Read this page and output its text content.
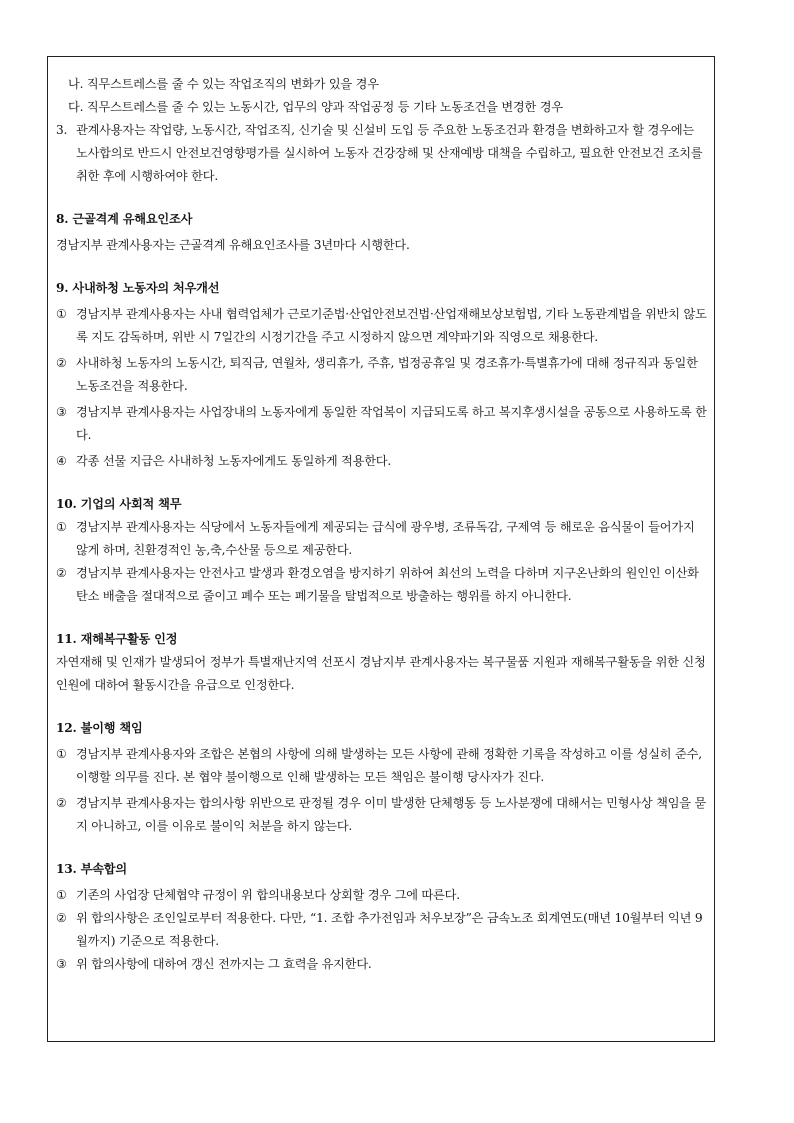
나. 직무스트레스를 줄 수 있는 작업조직의 변화가 있을 경우
다. 직무스트레스를 줄 수 있는 노동시간, 업무의 양과 작업공정 등 기타 노동조건을 변경한 경우
3. 관계사용자는 작업량, 노동시간, 작업조직, 신기술 및 신설비 도입 등 주요한 노동조건과 환경을 변화하고자 할 경우에는 노사합의로 반드시 안전보건영향평가를 실시하여 노동자 건강장해 및 산재예방 대책을 수립하고, 필요한 안전보건 조치를 취한 후에 시행하여야 한다.
8. 근골격계 유해요인조사
경남지부 관계사용자는 근골격계 유해요인조사를 3년마다 시행한다.
9. 사내하청 노동자의 처우개선
① 경남지부 관계사용자는 사내 협력업체가 근로기준법·산업안전보건법·산업재해보상보험법, 기타 노동관계법을 위반치 않도록 지도 감독하며, 위반 시 7일간의 시정기간을 주고 시정하지 않으면 계약파기와 직영으로 채용한다.
② 사내하청 노동자의 노동시간, 퇴직금, 연월차, 생리휴가, 주휴, 법정공휴일 및 경조휴가·특별휴가에 대해 정규직과 동일한 노동조건을 적용한다.
③ 경남지부 관계사용자는 사업장내의 노동자에게 동일한 작업복이 지급되도록 하고 복지후생시설을 공동으로 사용하도록 한다.
④ 각종 선물 지급은 사내하청 노동자에게도 동일하게 적용한다.
10. 기업의 사회적 책무
① 경남지부 관계사용자는 식당에서 노동자들에게 제공되는 급식에 광우병, 조류독감, 구제역 등 해로운 음식물이 들어가지 않게 하며, 친환경적인 농,축,수산물 등으로 제공한다.
② 경남지부 관계사용자는 안전사고 발생과 환경오염을 방지하기 위하여 최선의 노력을 다하며 지구온난화의 원인인 이산화탄소 배출을 절대적으로 줄이고 폐수 또는 폐기물을 탈법적으로 방출하는 행위를 하지 아니한다.
11. 재해복구활동 인정
자연재해 및 인재가 발생되어 정부가 특별재난지역 선포시 경남지부 관계사용자는 복구물품 지원과 재해복구활동을 위한 신청인원에 대하여 활동시간을 유급으로 인정한다.
12. 불이행 책임
① 경남지부 관계사용자와 조합은 본협의 사항에 의해 발생하는 모든 사항에 관해 정확한 기록을 작성하고 이를 성실히 준수, 이행할 의무를 진다. 본 협약 불이행으로 인해 발생하는 모든 책임은 불이행 당사자가 진다.
② 경남지부 관계사용자는 합의사항 위반으로 판정될 경우 이미 발생한 단체행동 등 노사분쟁에 대해서는 민형사상 책임을 묻지 아니하고, 이를 이유로 불이익 처분을 하지 않는다.
13. 부속합의
① 기존의 사업장 단체협약 규정이 위 합의내용보다 상회할 경우 그에 따른다.
② 위 합의사항은 조인일로부터 적용한다. 다만, “1. 조합 추가전임과 처우보장”은 금속노조 회계연도(매년 10월부터 익년 9월까지) 기준으로 적용한다.
③ 위 합의사항에 대하여 갱신 전까지는 그 효력을 유지한다.
